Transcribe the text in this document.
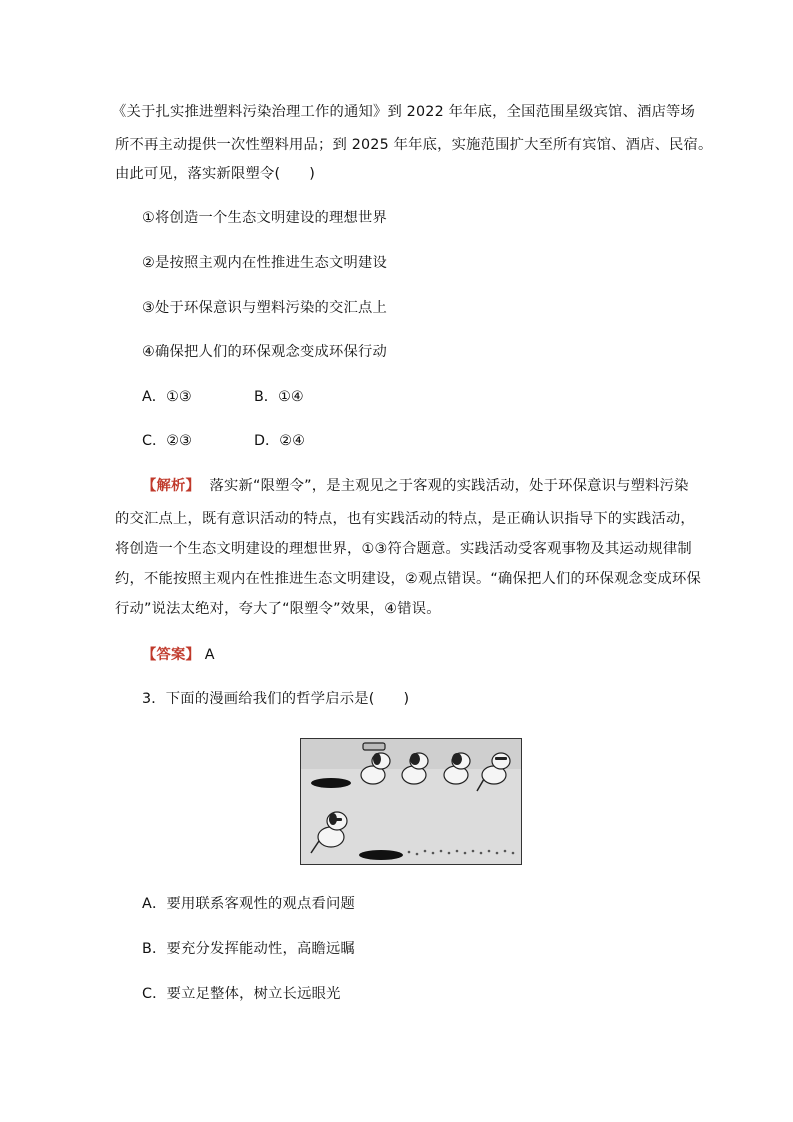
《关于扎实推进塑料污染治理工作的通知》到 2022 年年底，全国范围星级宾馆、酒店等场
所不再主动提供一次性塑料用品；到 2025 年年底，实施范围扩大至所有宾馆、酒店、民宿。
由此可见，落实新限塑令(　　)
①将创造一个生态文明建设的理想世界
②是按照主观内在性推进生态文明建设
③处于环保意识与塑料污染的交汇点上
④确保把人们的环保观念变成环保行动
A．①③	B．①④
C．②③	D．②④
【解析】 落实新“限塑令”，是主观见之于客观的实践活动，处于环保意识与塑料污染
的交汇点上，既有意识活动的特点，也有实践活动的特点，是正确认识指导下的实践活动，
将创造一个生态文明建设的理想世界，①③符合题意。实践活动受客观事物及其运动规律制
约，不能按照主观内在性推进生态文明建设，②观点错误。“确保把人们的环保观念变成环保
行动”说法太绝对，夸大了“限塑令”效果，④错误。
【答案】 A
3．下面的漫画给我们的哲学启示是(　　)
A．要用联系客观性的观点看问题
B．要充分发挥能动性，高瞻远瞩
C．要立足整体，树立长远眼光
